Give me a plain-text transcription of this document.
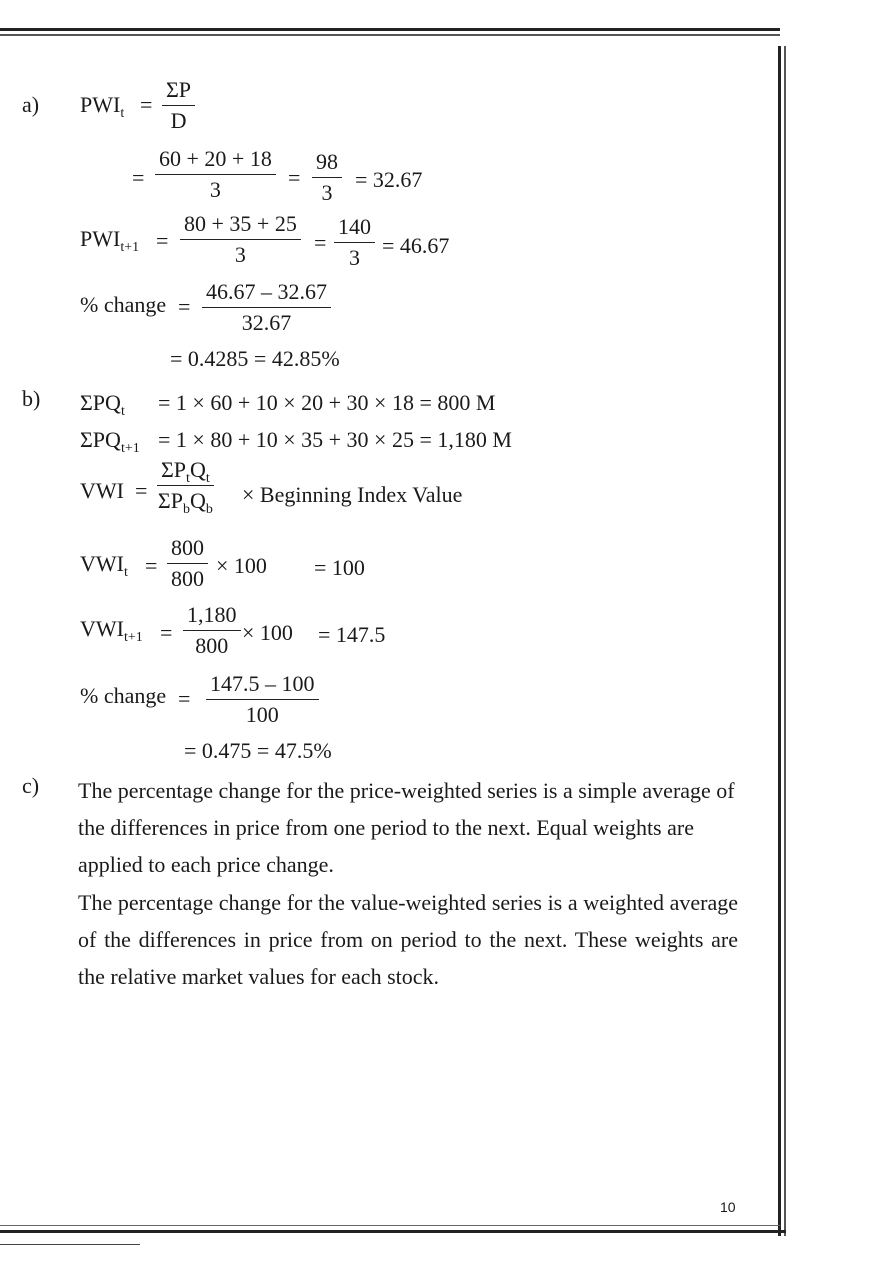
a) $PWI_t = \frac{\Sigma P}{D}$
= $\frac{60 + 20 + 18}{3} = \frac{98}{3} = 32.67$
$PWI_{t+1} = \frac{80 + 35 + 25}{3} = \frac{140}{3} = 46.67$
% change = $\frac{46.67 - 32.67}{32.67}$
= 0.4285 = 42.85%
b) $\Sigma PQ_t = 1 \times 60 + 10 \times 20 + 30 \times 18 = 800$ M
$\Sigma PQ_{t+1} = 1 \times 80 + 10 \times 35 + 30 \times 25 = 1,180$ M
VWI =
$\Sigma P_tQ_t$
$\Sigma P_bQ_b$
× Beginning Index Value
$VWI_t = \frac{800}{800} \times 100 = 100$
$VWI_{t+1} = \frac{1,180}{800} \times 100 = 147.5$
% change = $\frac{147.5 - 100}{100}$
= 0.475 = 47.5%
c) The percentage change for the price-weighted series is a simple average of the differences in price from one period to the next. Equal weights are applied to each price change.
The percentage change for the value-weighted series is a weighted average of the differences in price from on period to the next. These weights are the relative market values for each stock.
10
